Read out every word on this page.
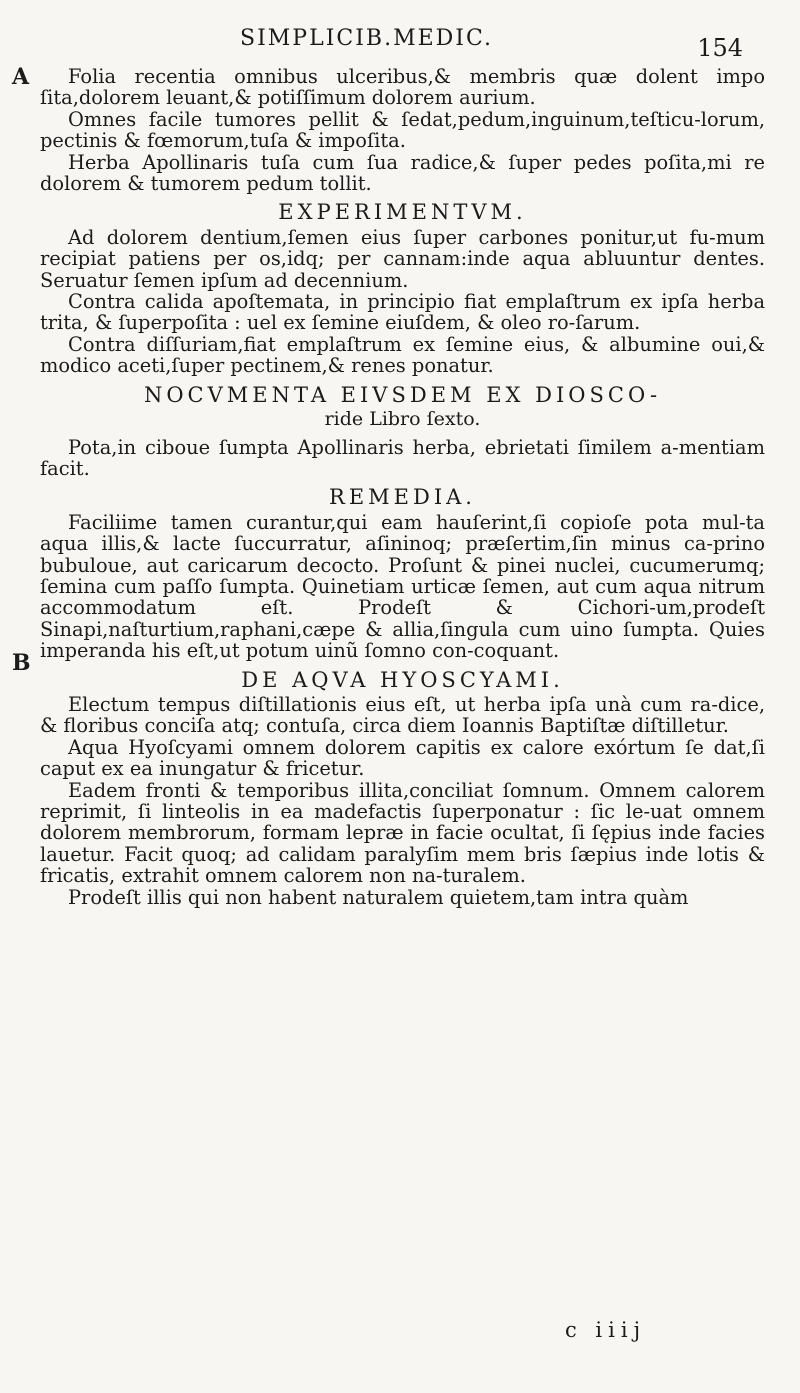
SIMPLICIB.MEDIC.	154

Folia recentia omnibus ulceribus,& membris quæ dolent impo ſita,dolorem leuant,& potiſſimum dolorem aurium.

Omnes facile tumores pellit & ſedat,pedum,inguinum,teſticu-lorum, pectinis & fœmorum,tuſa & impoſita.

Herba Apollinaris tuſa cum ſua radice,& ſuper pedes poſita,mi re dolorem & tumorem pedum tollit.

EXPERIMENTVM.

Ad dolorem dentium,ſemen eius ſuper carbones ponitur,ut fu-mum recipiat patiens per os,idq; per cannam:inde aqua abluuntur dentes. Seruatur ſemen ipſum ad decennium.

Contra calida apoſtemata, in principio fiat emplaſtrum ex ipſa herba trita, & ſuperpoſita : uel ex ſemine eiuſdem, & oleo ro-ſarum.

Contra diſſuriam,fiat emplaſtrum ex ſemine eius, & albumine oui,& modico aceti,ſuper pectinem,& renes ponatur.

NOCVMENTA EIVSDEM EX DIOSCO-

ride Libro ſexto.

Pota,in ciboue ſumpta Apollinaris herba, ebrietati ſimilem a-mentiam facit.

REMEDIA.

Faciliime tamen curantur,qui eam hauſerint,ſi copioſe pota mul-ta aqua illis,& lacte ſuccurratur, aſininoq; præſertim,ſin minus ca-prino bubuloue, aut caricarum decocto. Proſunt & pinei nuclei, cucumerumq; ſemina cum paſſo ſumpta. Quinetiam urticæ ſemen, aut cum aqua nitrum accommodatum eſt. Prodeſt & Cichori-um,prodeſt Sinapi,naſturtium,raphani,cæpe & allia,ſingula cum uino ſumpta. Quies imperanda his eſt,ut potum uinũ ſomno con-coquant.

DE AQVA HYOSCYAMI.

Electum tempus diſtillationis eius eſt, ut herba ipſa unà cum ra-dice, & floribus conciſa atq; contuſa, circa diem Ioannis Baptiſtæ diſtilletur.

Aqua Hyoſcyami omnem dolorem capitis ex calore exórtum ſe dat,ſi caput ex ea inungatur & fricetur.

Eadem fronti & temporibus illita,conciliat ſomnum. Omnem calorem reprimit, ſi linteolis in ea madefactis ſuperponatur : ſic le-uat omnem dolorem membrorum, formam lepræ in facie ocultat, ſi ſępius inde facies lauetur. Facit quoq; ad calidam paralyſim mem bris ſæpius inde lotis & fricatis, extrahit omnem calorem non na-turalem.

Prodeſt illis qui non habent naturalem quietem,tam intra quàm

A
B
c iiij
